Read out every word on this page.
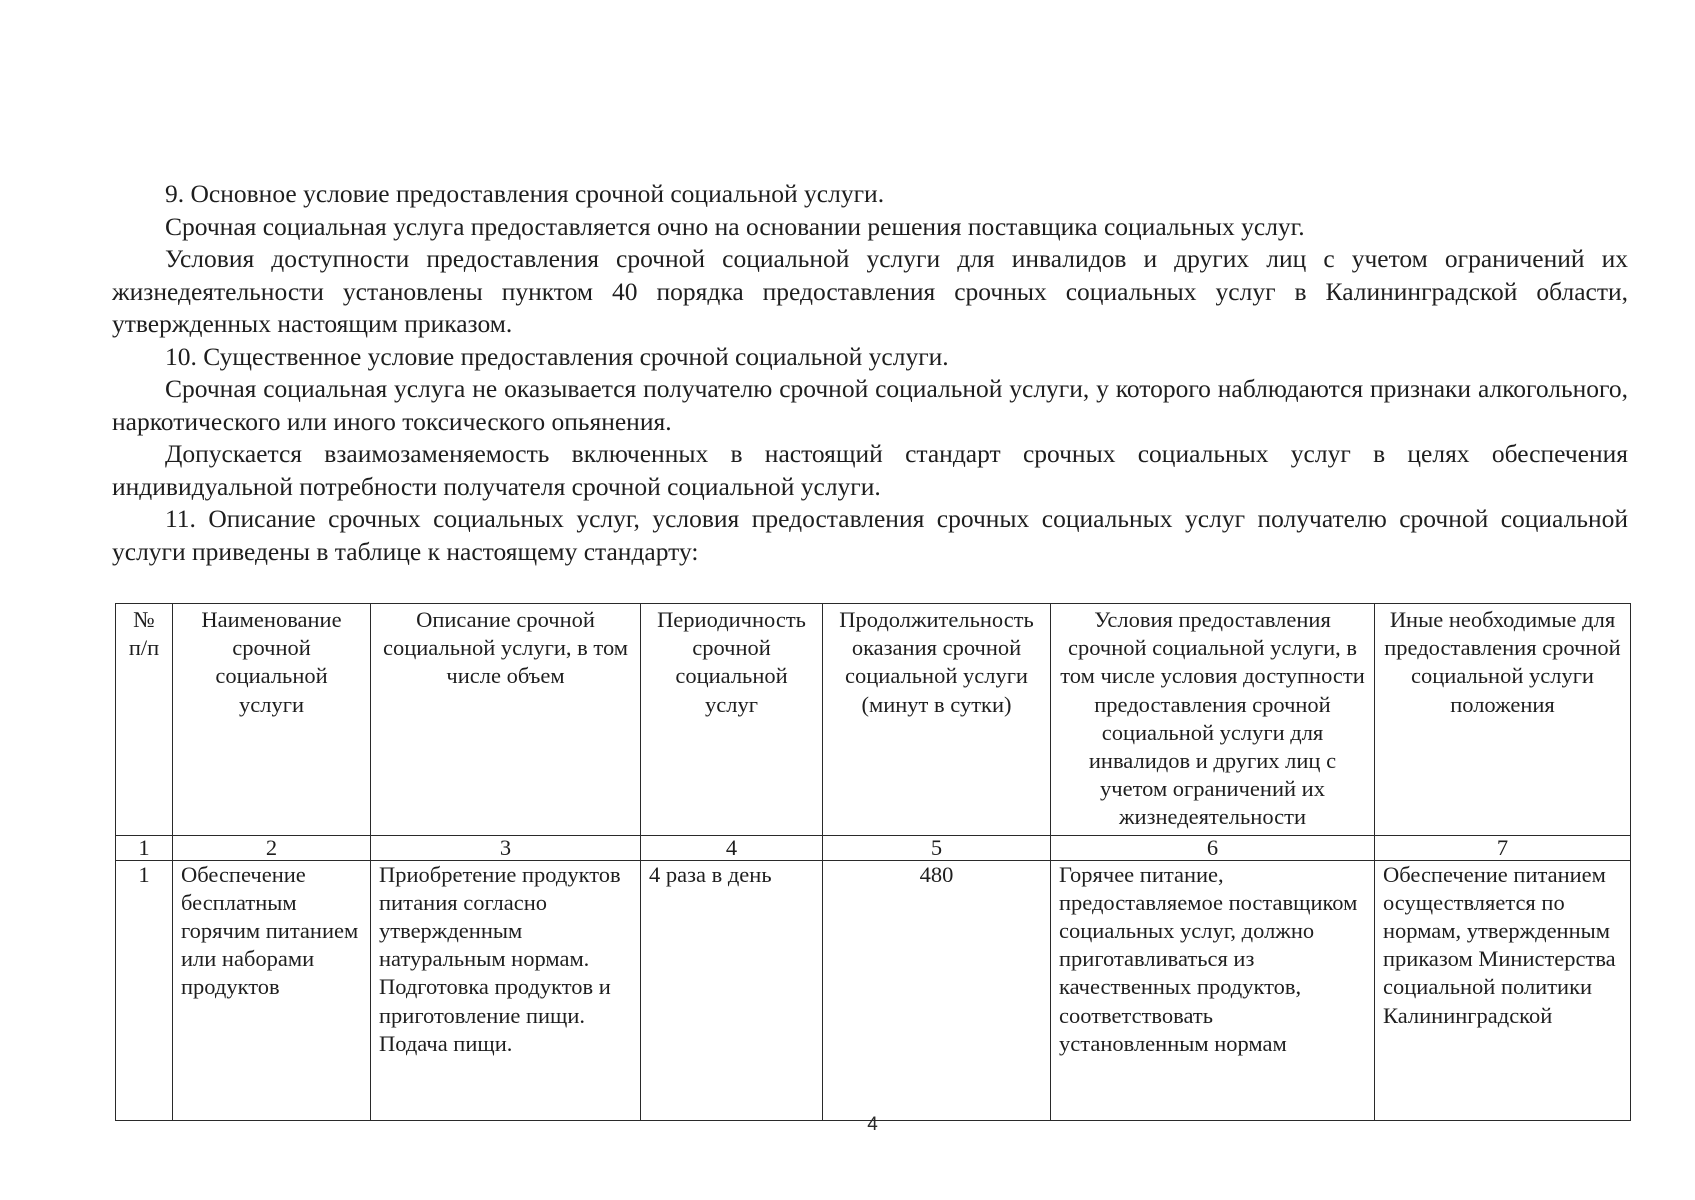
9. Основное условие предоставления срочной социальной услуги.

Срочная социальная услуга предоставляется очно на основании решения поставщика социальных услуг.

Условия доступности предоставления срочной социальной услуги для инвалидов и других лиц с учетом ограничений их жизнедеятельности установлены пунктом 40 порядка предоставления срочных социальных услуг в Калининградской области, утвержденных настоящим приказом.

10. Существенное условие предоставления срочной социальной услуги.

Срочная социальная услуга не оказывается получателю срочной социальной услуги, у которого наблюдаются признаки алкогольного, наркотического или иного токсического опьянения.

Допускается взаимозаменяемость включенных в настоящий стандарт срочных социальных услуг в целях обеспечения индивидуальной потребности получателя срочной социальной услуги.

11. Описание срочных социальных услуг, условия предоставления срочных социальных услуг получателю срочной социальной услуги приведены в таблице к настоящему стандарту:

№ п/п	Наименование срочной социальной услуги	Описание срочной социальной услуги, в том числе объем	Периодичность срочной социальной услуг	Продолжительность оказания срочной социальной услуги (минут в сутки)	Условия предоставления срочной социальной услуги, в том числе условия доступности предоставления срочной социальной услуги для инвалидов и других лиц с учетом ограничений их жизнедеятельности	Иные необходимые для предоставления срочной социальной услуги положения
1	2	3	4	5	6	7
1	Обеспечение бесплатным горячим питанием или наборами продуктов	Приобретение продуктов питания согласно утвержденным натуральным нормам. Подготовка продуктов и приготовление пищи. Подача пищи.	4 раза в день	480	Горячее питание, предоставляемое поставщиком социальных услуг, должно приготавливаться из качественных продуктов, соответствовать установленным нормам	Обеспечение питанием осуществляется по нормам, утвержденным приказом Министерства социальной политики Калининградской
4
